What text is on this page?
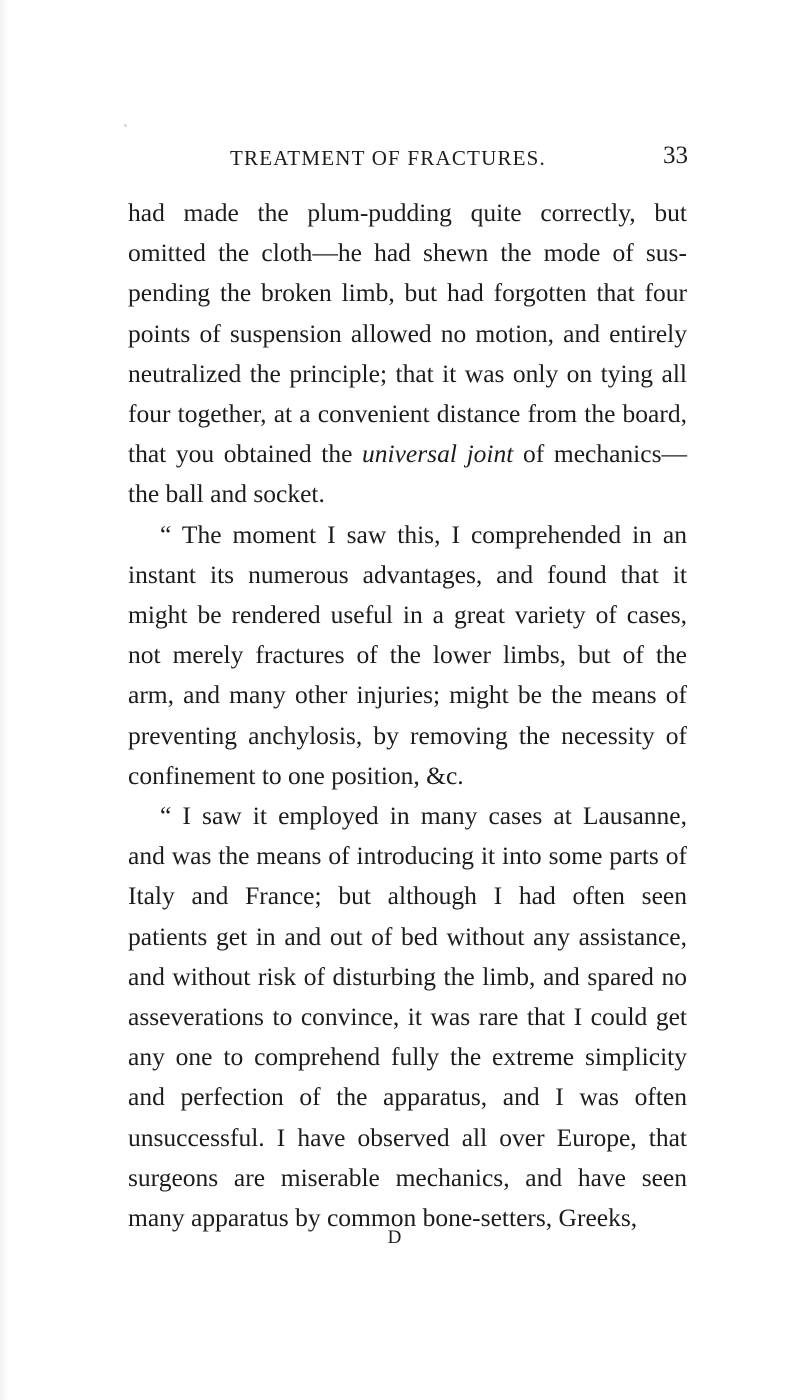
TREATMENT OF FRACTURES.	33

had made the plum-pudding quite correctly, but omitted the cloth—he had shewn the mode of suspending the broken limb, but had forgotten that four points of suspension allowed no motion, and entirely neutralized the principle; that it was only on tying all four together, at a convenient distance from the board, that you obtained the universal joint of mechanics—the ball and socket.

“ The moment I saw this, I comprehended in an instant its numerous advantages, and found that it might be rendered useful in a great variety of cases, not merely fractures of the lower limbs, but of the arm, and many other injuries; might be the means of preventing anchylosis, by removing the necessity of confinement to one position, &c.

“ I saw it employed in many cases at Lausanne, and was the means of introducing it into some parts of Italy and France; but although I had often seen patients get in and out of bed without any assistance, and without risk of disturbing the limb, and spared no asseverations to convince, it was rare that I could get any one to comprehend fully the extreme simplicity and perfection of the apparatus, and I was often unsuccessful. I have observed all over Europe, that surgeons are miserable mechanics, and have seen many apparatus by common bone-setters, Greeks,

D
